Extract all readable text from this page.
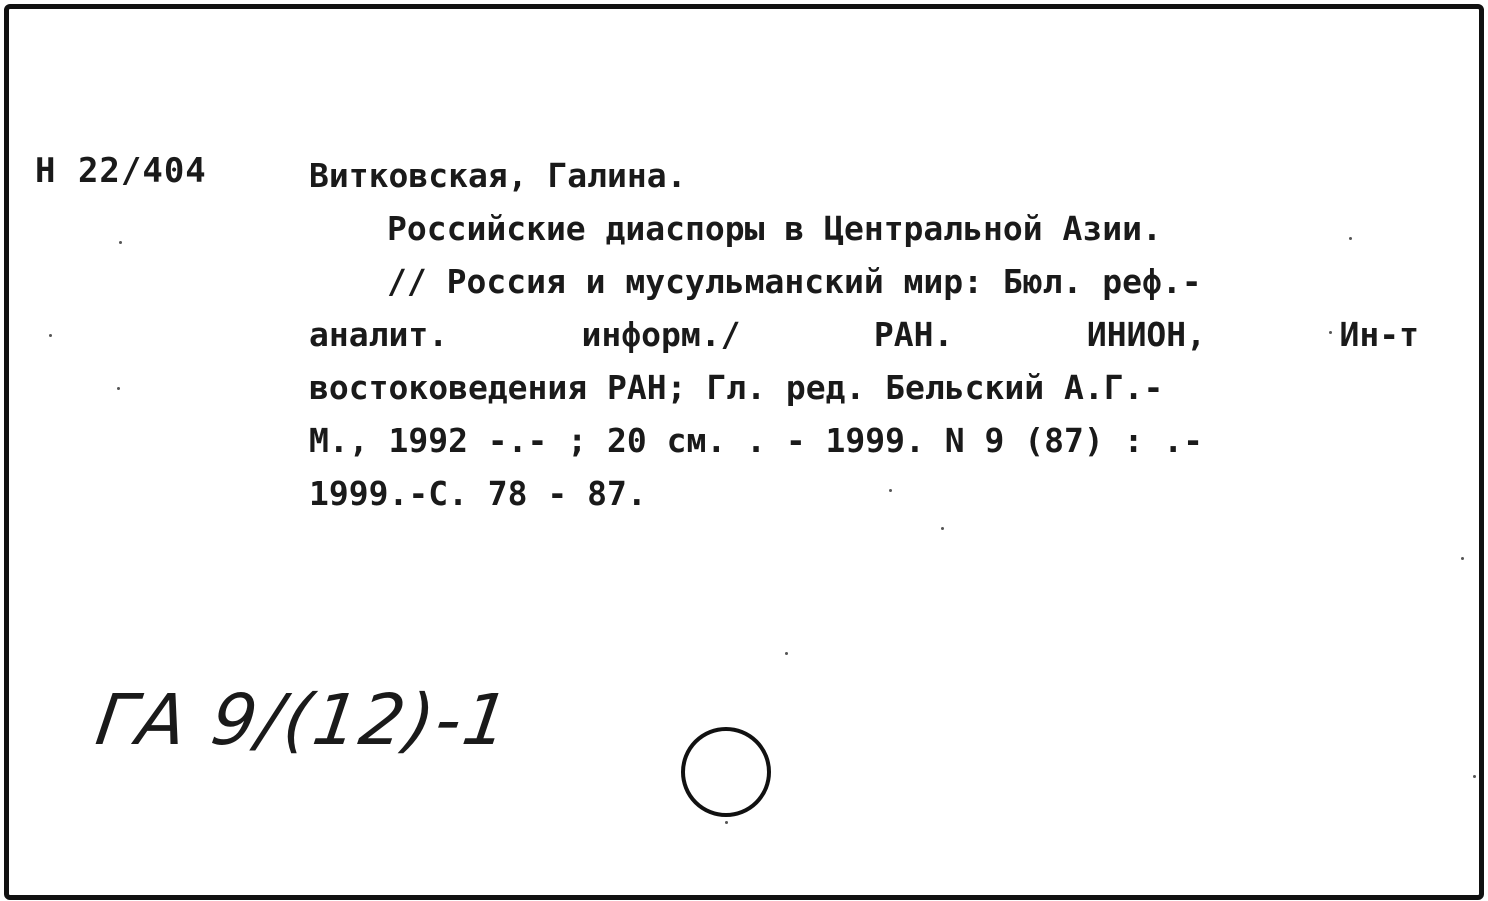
Н 22/404	Витковская, Галина.
Российские диаспоры в Центральной Азии.
// Россия и мусульманский мир: Бюл. реф.-
аналит.	информ./	РАН.	ИНИОН,	Ин-т
востоковедения РАН; Гл. ред. Бельский А.Г.-
М., 1992 -.- ; 20 см. . - 1999. N 9 (87) : .-
1999.-С. 78 - 87.
ГА 9/(12)-1
